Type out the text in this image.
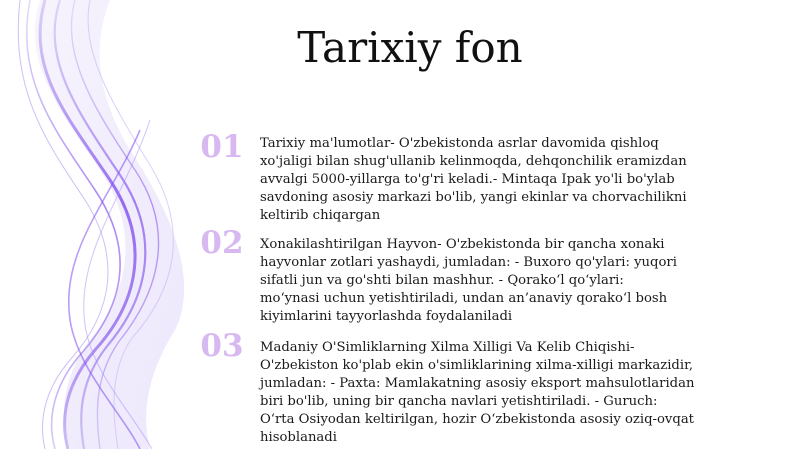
Tarixiy fon
01	Tarixiy ma'lumotlar- O'zbekistonda asrlar davomida qishloq
xo'jaligi bilan shug'ullanib kelinmoqda, dehqonchilik eramizdan
avvalgi 5000-yillarga to'g'ri keladi.- Mintaqa Ipak yo'li bo'ylab
savdoning asosiy markazi bo'lib, yangi ekinlar va chorvachilikni
keltirib chiqargan
02	Xonakilashtirilgan Hayvon- O'zbekistonda bir qancha xonaki
hayvonlar zotlari yashaydi, jumladan: - Buxoro qo'ylari: yuqori
sifatli jun va go'shti bilan mashhur. - Qorako‘l qo‘ylari:
mo‘ynasi uchun yetishtiriladi, undan an’anaviy qorako‘l bosh
kiyimlarini tayyorlashda foydalaniladi
03	Madaniy O'Simliklarning Xilma Xilligi Va Kelib Chiqishi-
O'zbekiston ko'plab ekin o'simliklarining xilma-xilligi markazidir,
jumladan: - Paxta: Mamlakatning asosiy eksport mahsulotlaridan
biri bo'lib, uning bir qancha navlari yetishtiriladi. - Guruch:
O‘rta Osiyodan keltirilgan, hozir O‘zbekistonda asosiy oziq-ovqat
hisoblanadi
